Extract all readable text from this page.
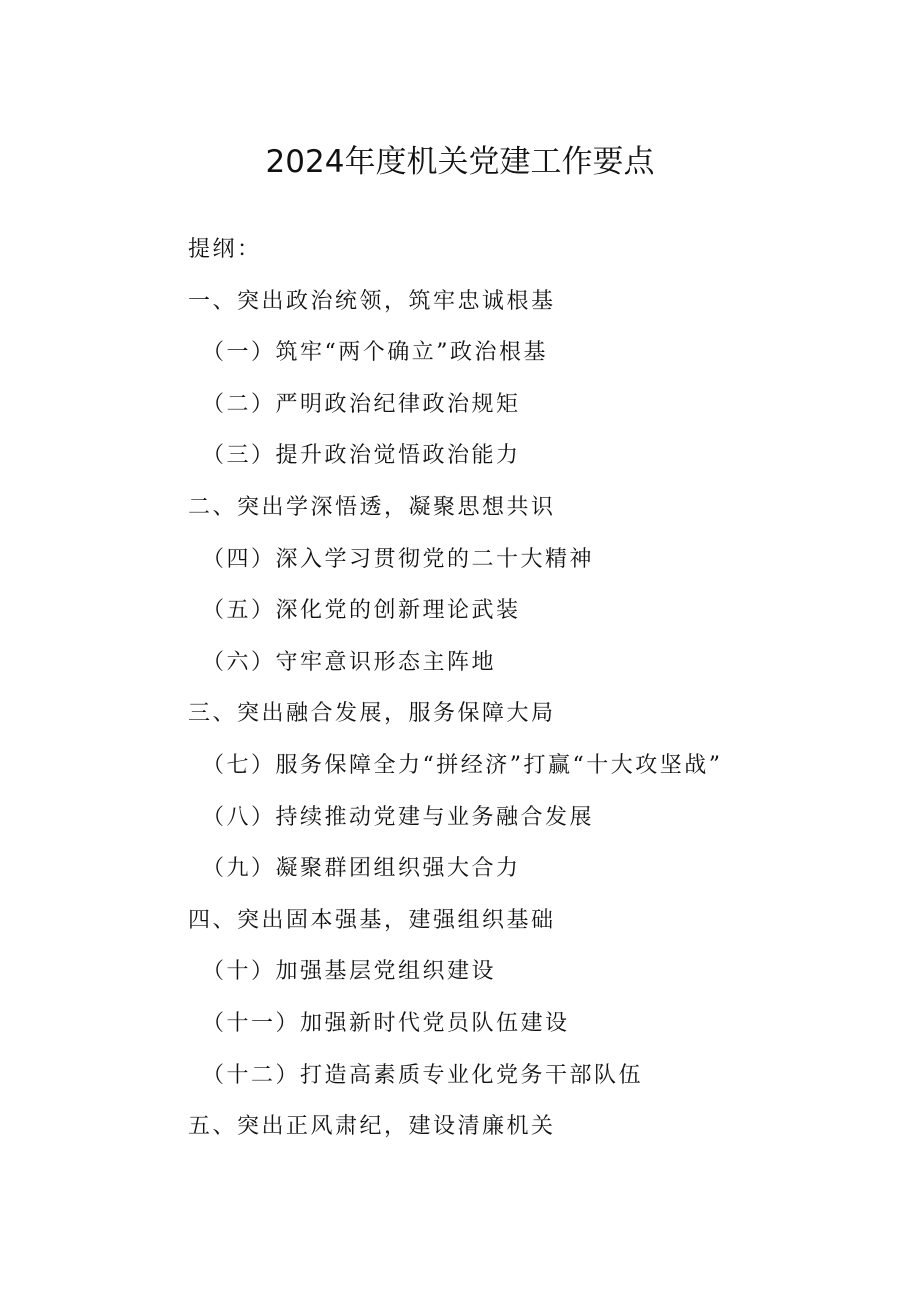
2024年度机关党建工作要点
提纲：
一、突出政治统领，筑牢忠诚根基
（一）筑牢“两个确立”政治根基
（二）严明政治纪律政治规矩
（三）提升政治觉悟政治能力
二、突出学深悟透，凝聚思想共识
（四）深入学习贯彻党的二十大精神
（五）深化党的创新理论武装
（六）守牢意识形态主阵地
三、突出融合发展，服务保障大局
（七）服务保障全力“拼经济”打赢“十大攻坚战”
（八）持续推动党建与业务融合发展
（九）凝聚群团组织强大合力
四、突出固本强基，建强组织基础
（十）加强基层党组织建设
（十一）加强新时代党员队伍建设
（十二）打造高素质专业化党务干部队伍
五、突出正风肃纪，建设清廉机关
